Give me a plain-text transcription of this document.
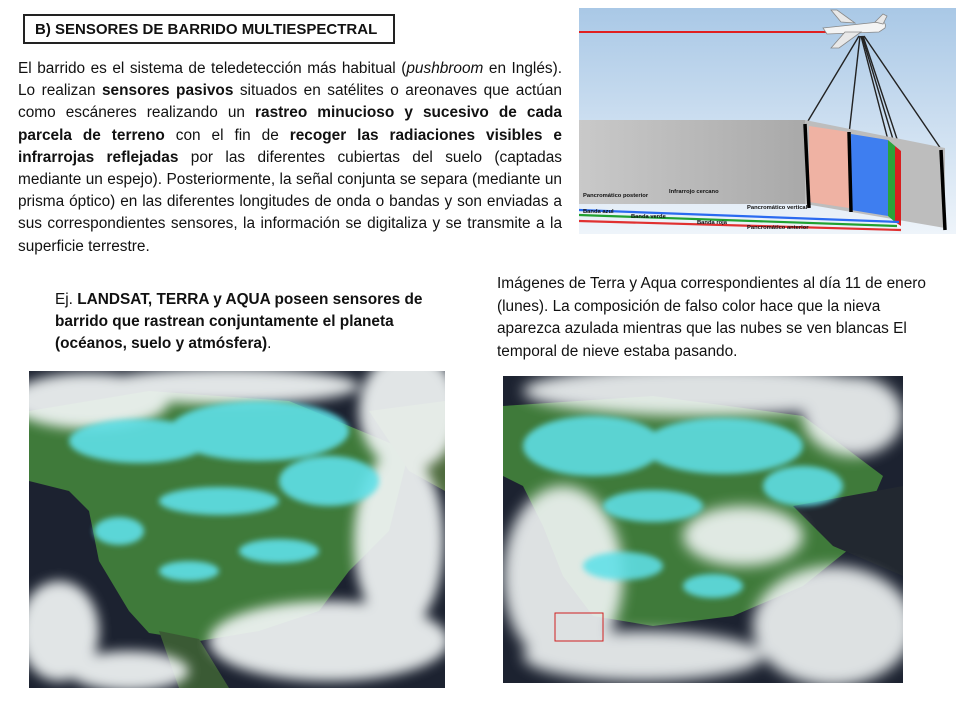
B) SENSORES DE BARRIDO MULTIESPECTRAL
El barrido es el sistema de teledetección más habitual (pushbroom en Inglés). Lo realizan sensores pasivos situados en satélites o areonaves que actúan como escáneres realizando un rastreo minucioso y sucesivo de cada parcela de terreno con el fin de recoger las radiaciones visibles e infrarrojas reflejadas por las diferentes cubiertas del suelo (captadas mediante un espejo). Posteriormente, la señal conjunta se separa (mediante un prisma óptico) en las diferentes longitudes de onda o bandas y son enviadas a sus correspondientes sensores, la información se digitaliza y se transmite a la superficie terrestre.
Ej. LANDSAT, TERRA y AQUA poseen sensores de barrido que rastrean conjuntamente el planeta (océanos, suelo y atmósfera).
Imágenes de Terra y Aqua correspondientes al día 11 de enero (lunes). La composición de falso color hace que la nieva aparezca azulada mientras que las nubes se ven blancas El temporal de nieve estaba pasando.
Pancromático posterior
Infrarrojo cercano
Pancromático vertical
Banda azul
Banda verde
Banda roja
Pancromático anterior
